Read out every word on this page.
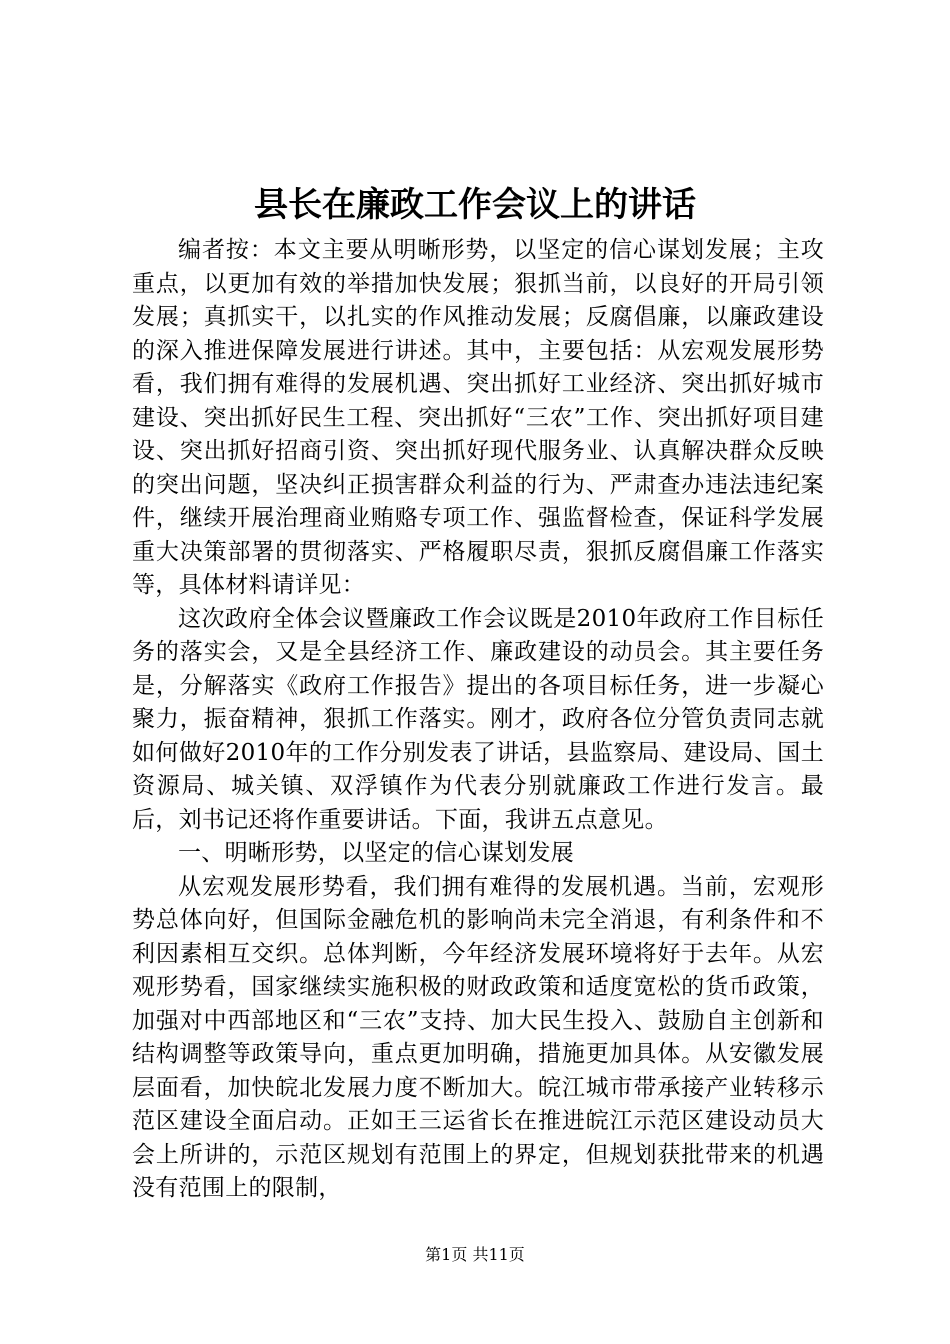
县长在廉政工作会议上的讲话

编者按：本文主要从明晰形势，以坚定的信心谋划发展；主攻重点，以更加有效的举措加快发展；狠抓当前，以良好的开局引领发展；真抓实干，以扎实的作风推动发展；反腐倡廉，以廉政建设的深入推进保障发展进行讲述。其中，主要包括：从宏观发展形势看，我们拥有难得的发展机遇、突出抓好工业经济、突出抓好城市建设、突出抓好民生工程、突出抓好“三农”工作、突出抓好项目建设、突出抓好招商引资、突出抓好现代服务业、认真解决群众反映的突出问题，坚决纠正损害群众利益的行为、严肃查办违法违纪案件，继续开展治理商业贿赂专项工作、强监督检查，保证科学发展重大决策部署的贯彻落实、严格履职尽责，狠抓反腐倡廉工作落实等，具体材料请详见：

这次政府全体会议暨廉政工作会议既是2010年政府工作目标任务的落实会，又是全县经济工作、廉政建设的动员会。其主要任务是，分解落实《政府工作报告》提出的各项目标任务，进一步凝心聚力，振奋精神，狠抓工作落实。刚才，政府各位分管负责同志就如何做好2010年的工作分别发表了讲话，县监察局、建设局、国土资源局、城关镇、双浮镇作为代表分别就廉政工作进行发言。最后，刘书记还将作重要讲话。下面，我讲五点意见。

一、明晰形势，以坚定的信心谋划发展

从宏观发展形势看，我们拥有难得的发展机遇。当前，宏观形势总体向好，但国际金融危机的影响尚未完全消退，有利条件和不利因素相互交织。总体判断，今年经济发展环境将好于去年。从宏观形势看，国家继续实施积极的财政政策和适度宽松的货币政策，加强对中西部地区和“三农”支持、加大民生投入、鼓励自主创新和结构调整等政策导向，重点更加明确，措施更加具体。从安徽发展层面看，加快皖北发展力度不断加大。皖江城市带承接产业转移示范区建设全面启动。正如王三运省长在推进皖江示范区建设动员大会上所讲的，示范区规划有范围上的界定，但规划获批带来的机遇没有范围上的限制，

第1页 共11页
